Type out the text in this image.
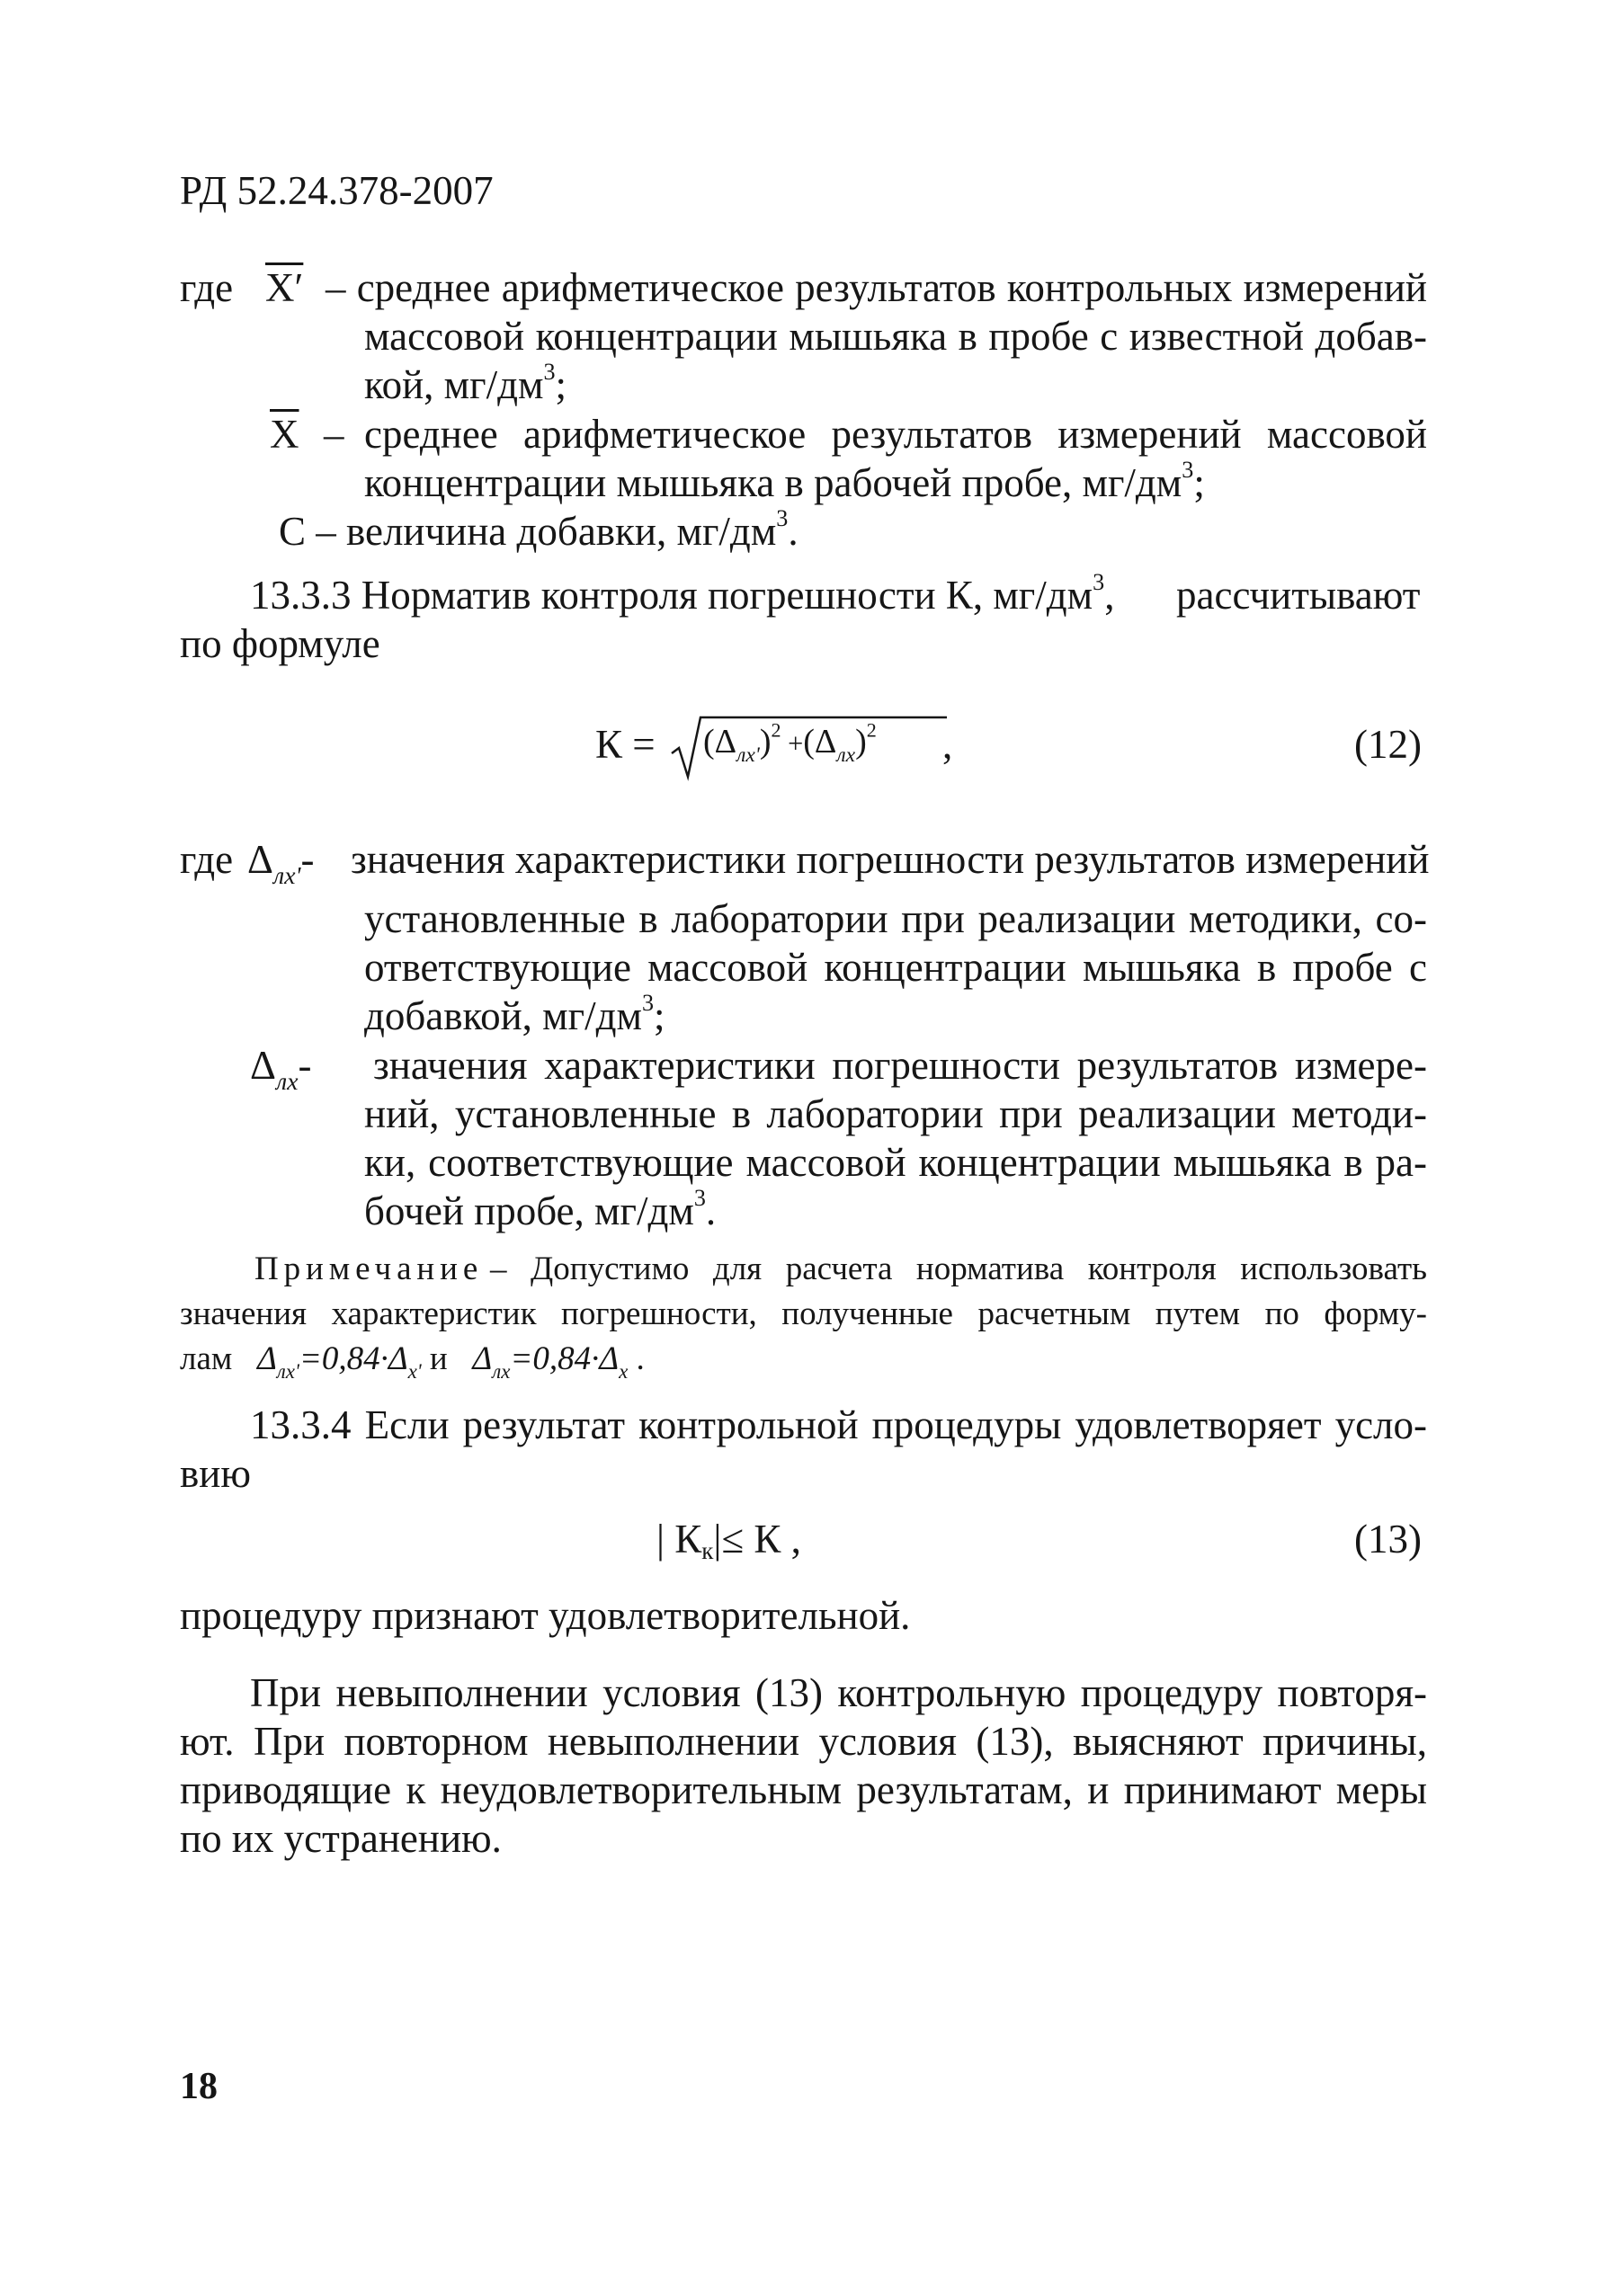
РД 52.24.378-2007
где X′ – среднее арифметическое результатов контрольных измерений
массовой концентрации мышьяка в пробе с известной добав-
кой, $мг/дм^3$;
$\overline{X}$ – среднее арифметическое результатов измерений массовой
концентрации мышьяка в рабочей пробе, $мг/дм^3$;
С – величина добавки, $мг/дм^3$.
13.3.3 Норматив контроля погрешности К, $мг/дм^3$, рассчитывают
по формуле
$К = (\Delta_{лх'})^2 +(\Delta_{лх})^2$ ,	(12)
где $\Delta_{лх'}-$ значения характеристики погрешности результатов измерений
установленные в лаборатории при реализации методики, со-
ответствующие массовой концентрации мышьяка в пробе с
добавкой, $мг/дм^3$;
$\Delta_{лх}-$ значения характеристики погрешности результатов измере-
ний, установленные в лаборатории при реализации методи-
ки, соответствующие массовой концентрации мышьяка в ра-
бочей пробе, $мг/дм^3$.
Примечание – Допустимо для расчета норматива контроля использовать
значения характеристик погрешности, полученные расчетным путем по форму-
лам $\Delta_{лх'}=0,84\cdot\Delta_{х'}$ и $\Delta_{лх}=0,84\cdot\Delta_х$ .
13.3.4 Если результат контрольной процедуры удовлетворяет усло-
вию
| Кк|≤ К ,	(13)
процедуру признают удовлетворительной.
При невыполнении условия (13) контрольную процедуру повторя-
ют. При повторном невыполнении условия (13), выясняют причины,
приводящие к неудовлетворительным результатам, и принимают меры
по их устранению.
18
